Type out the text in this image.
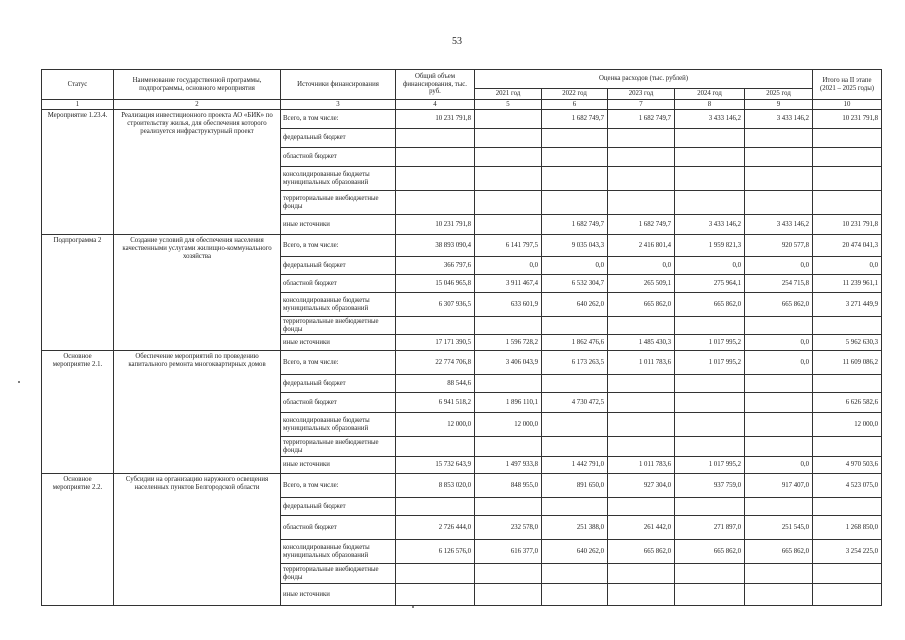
53
Статус	Наименование государственной программы, подпрограммы, основного мероприятия	Источники финансирования	Общий объем финансирования, тыс. руб.	Оценка расходов (тыс. рублей)					Итого на II этапе (2021 – 2025 годы)
				2021 год	2022 год	2023 год	2024 год	2025 год	
1	2	3	4	5	6	7	8	9	10
Мероприятие 1.23.4.	Реализация инвестиционного проекта АО «БИК» по строительству жилья, для обеспечения которого реализуется инфраструктурный проект	Всего, в том числе:	10 231 791,8		1 682 749,7	1 682 749,7	3 433 146,2	3 433 146,2	10 231 791,8
		федеральный бюджет							
		областной бюджет							
		консолидированные бюджеты муниципальных образований							
		территориальные внебюджетные фонды							
		иные источники	10 231 791,8		1 682 749,7	1 682 749,7	3 433 146,2	3 433 146,2	10 231 791,8
Подпрограмма 2	Создание условий для обеспечения населения качественными услугами жилищно-коммунального хозяйства	Всего, в том числе:	38 893 090,4	6 141 797,5	9 035 043,3	2 416 801,4	1 959 821,3	920 577,8	20 474 041,3
		федеральный бюджет	366 797,6	0,0	0,0	0,0	0,0	0,0	0,0
		областной бюджет	15 046 965,8	3 911 467,4	6 532 304,7	265 509,1	275 964,1	254 715,8	11 239 961,1
		консолидированные бюджеты муниципальных образований	6 307 936,5	633 601,9	640 262,0	665 862,0	665 862,0	665 862,0	3 271 449,9
		территориальные внебюджетные фонды							
		иные источники	17 171 390,5	1 596 728,2	1 862 476,6	1 485 430,3	1 017 995,2	0,0	5 962 630,3
Основное мероприятие 2.1.	Обеспечение мероприятий по проведению капитального ремонта многоквартирных домов	Всего, в том числе:	22 774 706,8	3 406 043,9	6 173 263,5	1 011 783,6	1 017 995,2	0,0	11 609 086,2
		федеральный бюджет	88 544,6						
		областной бюджет	6 941 518,2	1 896 110,1	4 730 472,5				6 626 582,6
		консолидированные бюджеты муниципальных образований	12 000,0	12 000,0					12 000,0
		территориальные внебюджетные фонды							
		иные источники	15 732 643,9	1 497 933,8	1 442 791,0	1 011 783,6	1 017 995,2	0,0	4 970 503,6
Основное мероприятие 2.2.	Субсидии на организацию наружного освещения населенных пунктов Белгородской области	Всего, в том числе:	8 853 020,0	848 955,0	891 650,0	927 304,0	937 759,0	917 407,0	4 523 075,0
		федеральный бюджет							
		областной бюджет	2 726 444,0	232 578,0	251 388,0	261 442,0	271 897,0	251 545,0	1 268 850,0
		консолидированные бюджеты муниципальных образований	6 126 576,0	616 377,0	640 262,0	665 862,0	665 862,0	665 862,0	3 254 225,0
		территориальные внебюджетные фонды							
		иные источники							
